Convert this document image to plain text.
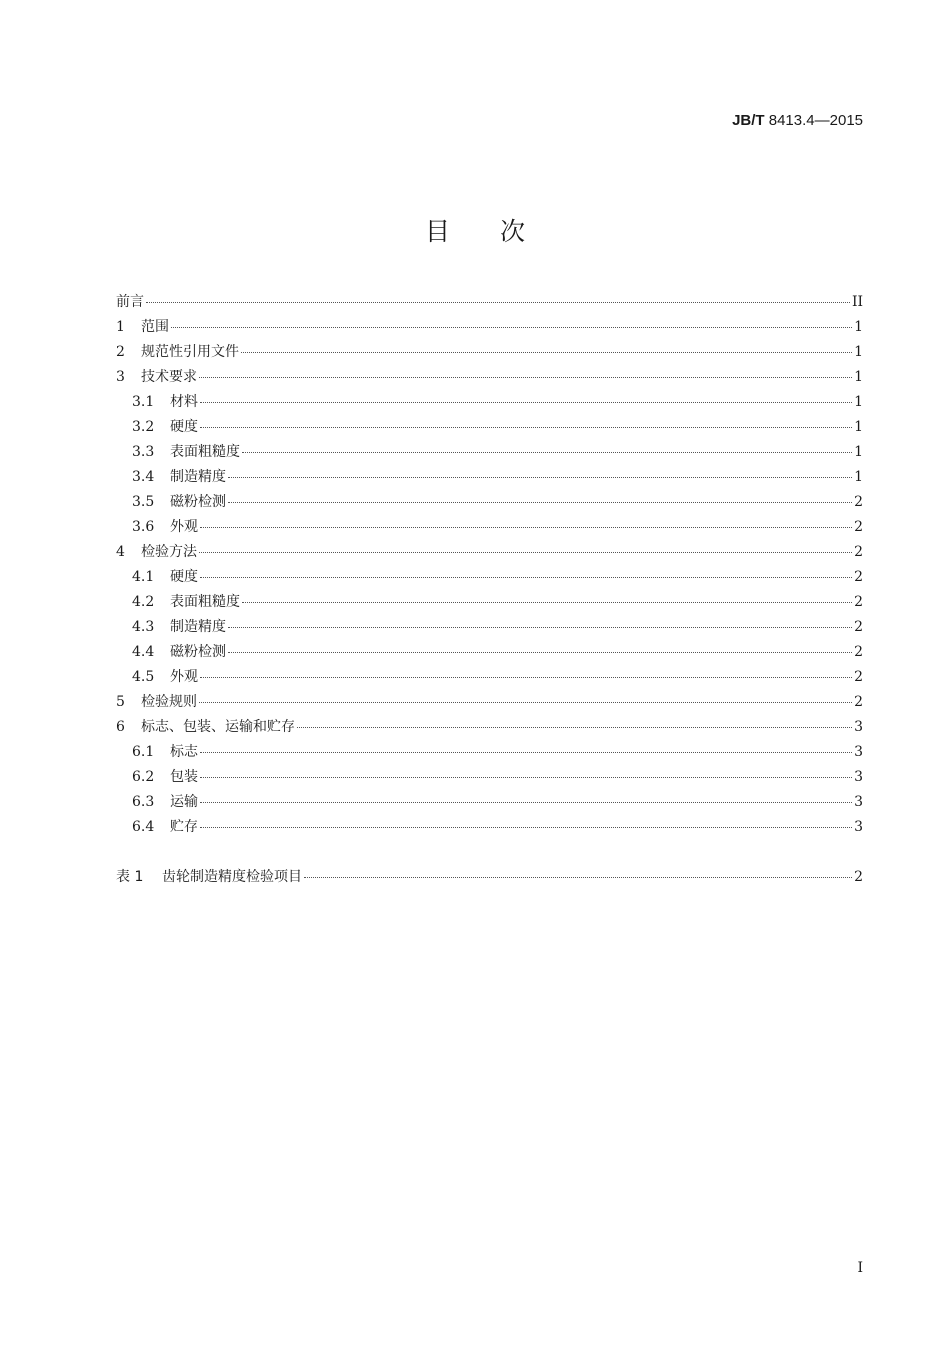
JB/T 8413.4—2015
目次
前言	II
1	范围	1
2	规范性引用文件	1
3	技术要求	1
3.1	材料	1
3.2	硬度	1
3.3	表面粗糙度	1
3.4	制造精度	1
3.5	磁粉检测	2
3.6	外观	2
4	检验方法	2
4.1	硬度	2
4.2	表面粗糙度	2
4.3	制造精度	2
4.4	磁粉检测	2
4.5	外观	2
5	检验规则	2
6	标志、包装、运输和贮存	3
6.1	标志	3
6.2	包装	3
6.3	运输	3
6.4	贮存	3
表 1	齿轮制造精度检验项目	2
I
